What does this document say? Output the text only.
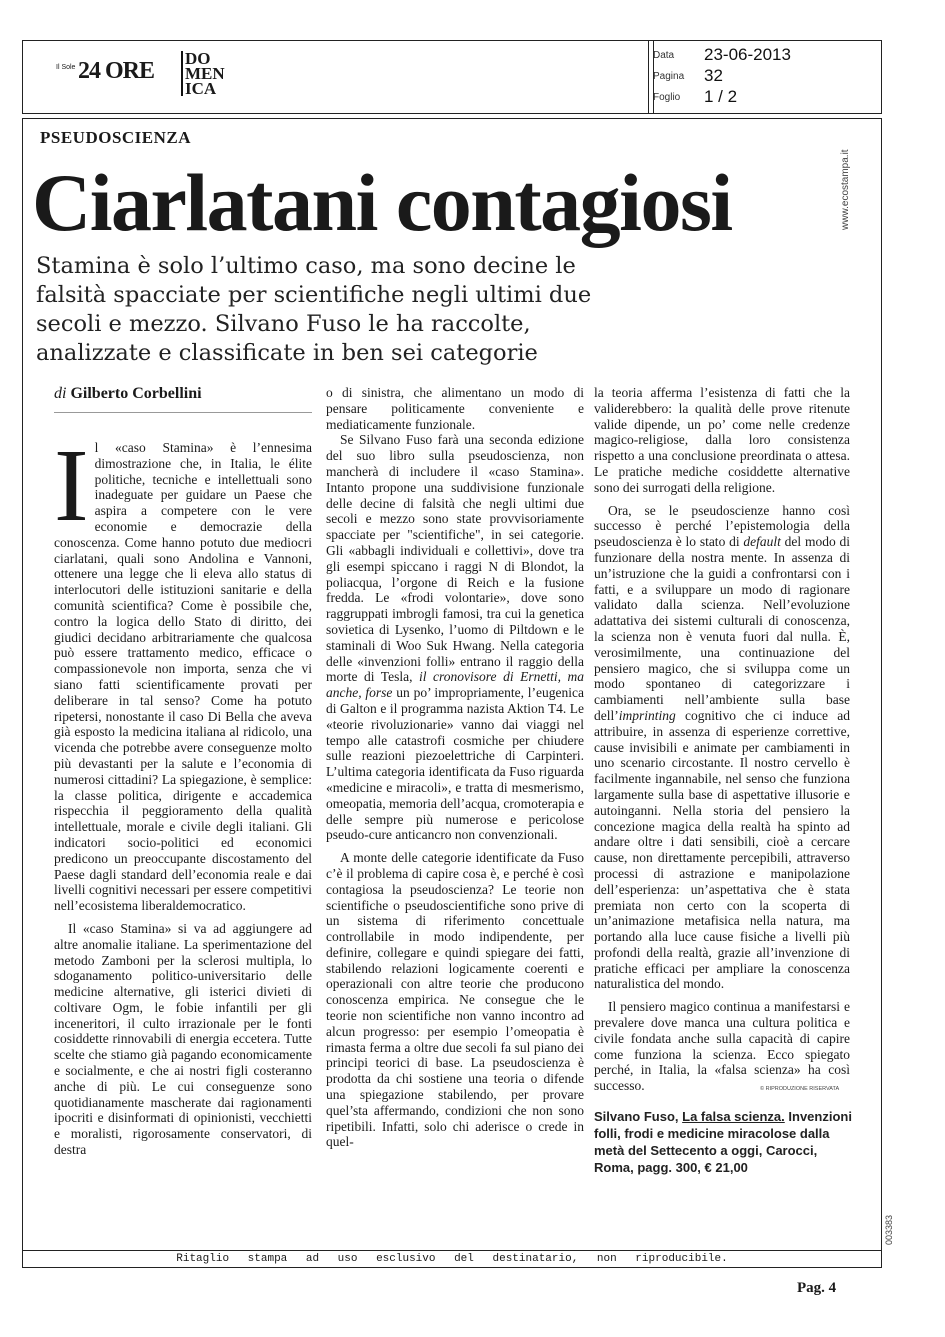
Il Sole 24 ORE DO
MEN
ICA
Data 23-06-2013
Pagina 32
Foglio 1 / 2
PSEUDOSCIENZA
Ciarlatani contagiosi
Stamina è solo l’ultimo caso, ma sono decine le falsità spacciate per scientifiche negli ultimi due secoli e mezzo. Silvano Fuso le ha raccolte, analizzate e classificate in ben sei categorie
di Gilberto Corbellini

Il «caso Stamina» è l’ennesima dimostrazione che, in Italia, le élite politiche, tecniche e intellettuali sono inadeguate per guidare un Paese che aspira a competere con le vere economie e democrazie della conoscenza. Come hanno potuto due mediocri ciarlatani, quali sono Andolina e Vannoni, ottenere una legge che li eleva allo status di interlocutori delle istituzioni sanitarie e della comunità scientifica? Come è possibile che, contro la logica dello Stato di diritto, dei giudici decidano arbitrariamente che qualcosa può essere trattamento medico, efficace o compassionevole non importa, senza che vi siano fatti scientificamente provati per deliberare in tal senso? Come ha potuto ripetersi, nonostante il caso Di Bella che aveva già esposto la medicina italiana al ridicolo, una vicenda che potrebbe avere conseguenze molto più devastanti per la salute e l’economia di numerosi cittadini? La spiegazione, è semplice: la classe politica, dirigente e accademica rispecchia il peggioramento della qualità intellettuale, morale e civile degli italiani. Gli indicatori socio-politici ed economici predicono un preoccupante discostamento del Paese dagli standard dell’economia reale e dai livelli cognitivi necessari per essere competitivi nell’ecosistema liberaldemocratico.

Il «caso Stamina» si va ad aggiungere ad altre anomalie italiane. La sperimentazione del metodo Zamboni per la sclerosi multipla, lo sdoganamento politico-universitario delle medicine alternative, gli isterici divieti di coltivare Ogm, le fobie infantili per gli inceneritori, il culto irrazionale per le fonti cosiddette rinnovabili di energia eccetera. Tutte scelte che stiamo già pagando economicamente e socialmente, e che ai nostri figli costeranno anche di più. Le cui conseguenze sono quotidianamente mascherate dai ragionamenti ipocriti e disinformati di opinionisti, vecchietti e moralisti, rigorosamente conservatori, di destra

o di sinistra, che alimentano un modo di pensare politicamente conveniente e mediaticamente funzionale.

Se Silvano Fuso farà una seconda edizione del suo libro sulla pseudoscienza, non mancherà di includere il «caso Stamina». Intanto propone una suddivisione funzionale delle decine di falsità che negli ultimi due secoli e mezzo sono state provvisoriamente spacciate per "scientifiche", in sei categorie. Gli «abbagli individuali e collettivi», dove tra gli esempi spiccano i raggi N di Blondot, la poliacqua, l’orgone di Reich e la fusione fredda. Le «frodi volontarie», dove sono raggruppati imbrogli famosi, tra cui la genetica sovietica di Lysenko, l’uomo di Piltdown e le staminali di Woo Suk Hwang. Nella categoria delle «invenzioni folli» entrano il raggio della morte di Tesla, il cronovisore di Ernetti, ma anche, forse un po’ impropriamente, l’eugenica di Galton e il programma nazista Aktion T4. Le «teorie rivoluzionarie» vanno dai viaggi nel tempo alle catastrofi cosmiche per chiudere sulle reazioni piezoelettriche di Carpinteri. L’ultima categoria identificata da Fuso riguarda «medicine e miracoli», e tratta di mesmerismo, omeopatia, memoria dell’acqua, cromoterapia e delle sempre più numerose e pericolose pseudo-cure anticancro non convenzionali.

A monte delle categorie identificate da Fuso c’è il problema di capire cosa è, e perché è così contagiosa la pseudoscienza? Le teorie non scientifiche o pseudoscientifiche sono prive di un sistema di riferimento concettuale controllabile in modo indipendente, per definire, collegare e quindi spiegare dei fatti, stabilendo relazioni logicamente coerenti e operazionali con altre teorie che producono conoscenza empirica. Ne consegue che le teorie non scientifiche non vanno incontro ad alcun progresso: per esempio l’omeopatia è rimasta ferma a oltre due secoli fa sul piano dei principi teorici di base. La pseudoscienza è prodotta da chi sostiene una teoria o difende una spiegazione stabilendo, per provare quel’sta affermando, condizioni che non sono ripetibili. Infatti, solo chi aderisce o crede in quel-

la teoria afferma l’esistenza di fatti che la validerebbero: la qualità delle prove ritenute valide dipende, un po’ come nelle credenze magico-religiose, dalla loro consistenza rispetto a una conclusione preordinata o attesa. Le pratiche mediche cosiddette alternative sono dei surrogati della religione.

Ora, se le pseudoscienze hanno così successo è perché l’epistemologia della pseudoscienza è lo stato di default del modo di funzionare della nostra mente. In assenza di un’istruzione che la guidi a confrontarsi con i fatti, e a sviluppare un modo di ragionare validato dalla scienza. Nell’evoluzione adattativa dei sistemi culturali di conoscenza, la scienza non è venuta fuori dal nulla. È, verosimilmente, una continuazione del pensiero magico, che si sviluppa come un modo spontaneo di categorizzare i cambiamenti nell’ambiente sulla base dell’imprinting cognitivo che ci induce ad attribuire, in assenza di esperienze correttive, cause invisibili e animate per cambiamenti in uno scenario circostante. Il nostro cervello è facilmente ingannabile, nel senso che funziona largamente sulla base di aspettative illusorie e autoinganni. Nella storia del pensiero la concezione magica della realtà ha spinto ad andare oltre i dati sensibili, cioè a cercare cause, non direttamente percepibili, attraverso processi di astrazione e manipolazione dell’esperienza: un’aspettativa che è stata premiata non certo con la scoperta di un’animazione metafisica nella natura, ma portando alla luce cause fisiche a livelli più profondi della realtà, grazie all’invenzione di pratiche efficaci per ampliare la conoscenza naturalistica del mondo.

Il pensiero magico continua a manifestarsi e prevalere dove manca una cultura politica e civile fondata anche sulla capacità di capire come funziona la scienza. Ecco spiegato perché, in Italia, la «falsa scienza» ha così successo.	© RIPRODUZIONE RISERVATA
Silvano Fuso, La falsa scienza. Invenzioni folli, frodi e medicine miracolose dalla metà del Settecento a oggi, Carocci, Roma, pagg. 300, € 21,00
Ritaglio stampa ad uso esclusivo del destinatario, non riproducibile.
Pag. 4
www.ecostampa.it
003383
